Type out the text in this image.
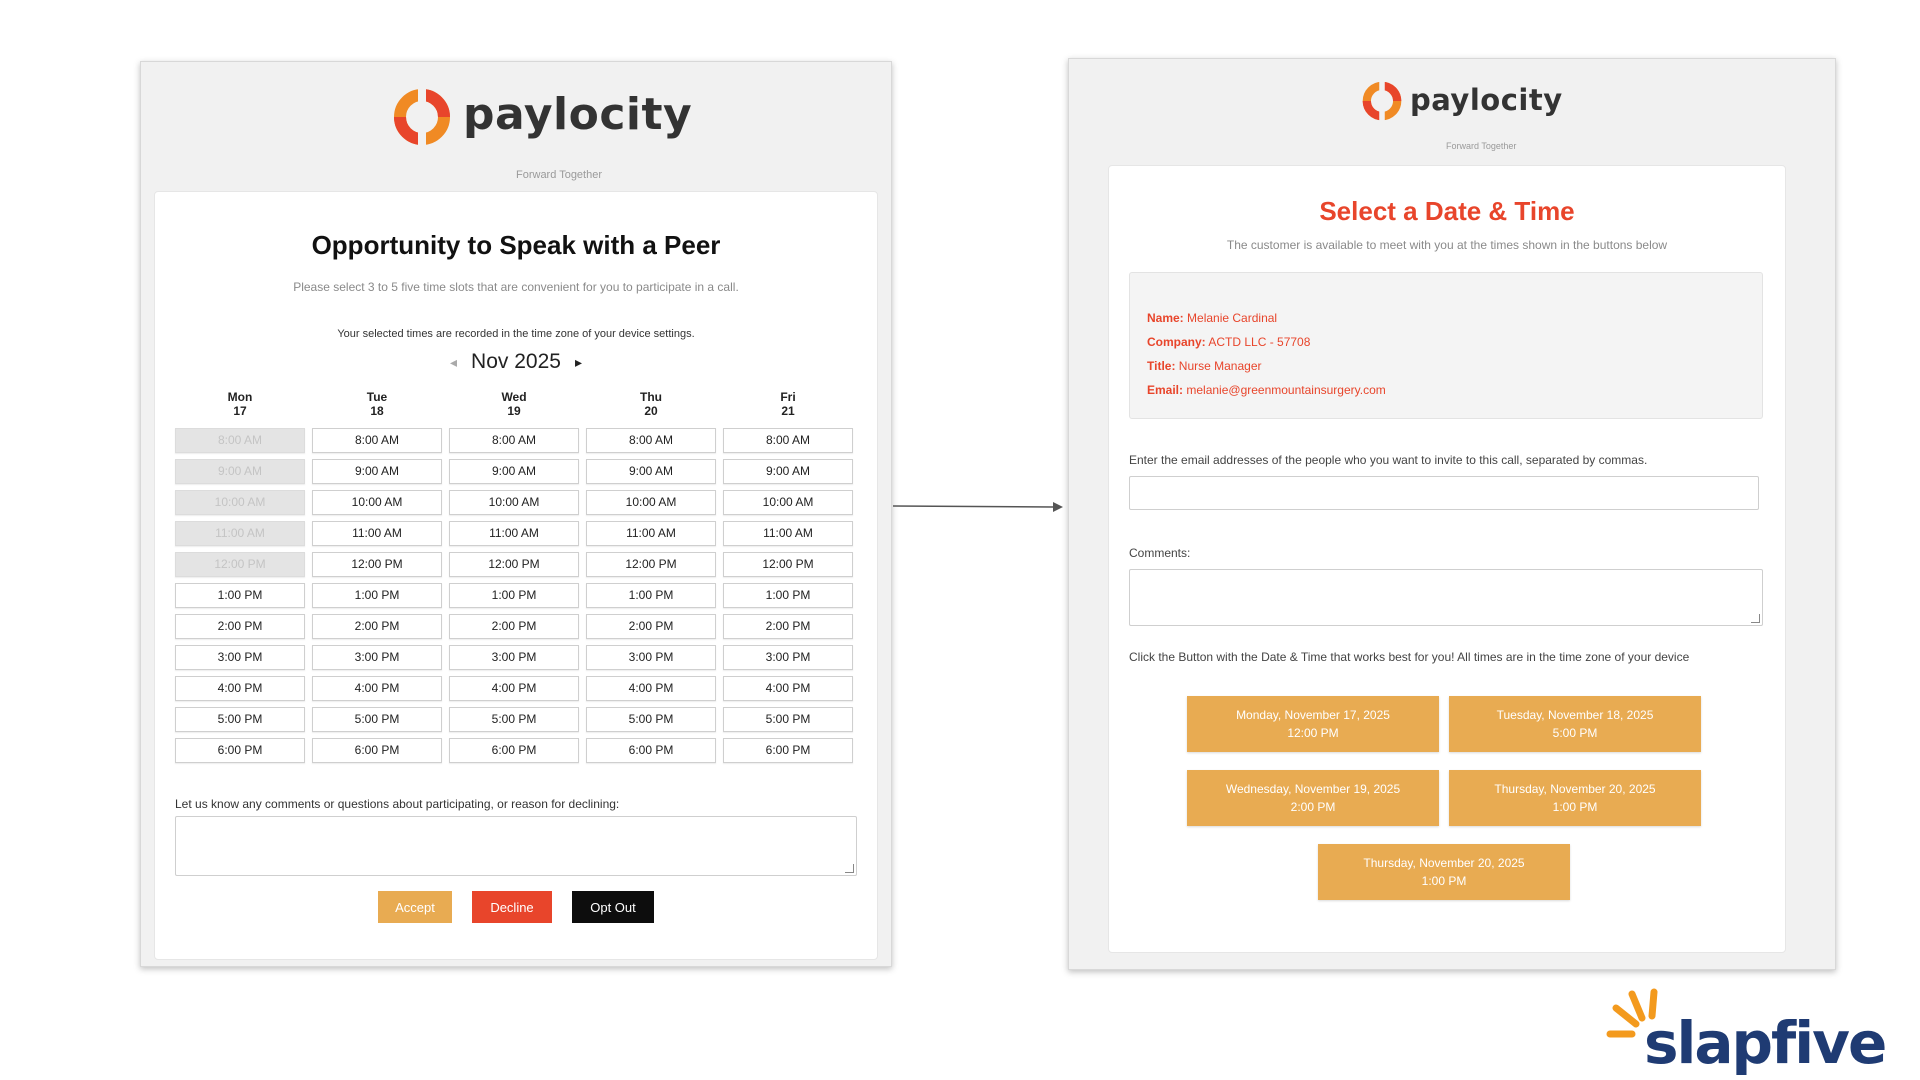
paylocity
Forward Together
Opportunity to Speak with a Peer
Please select 3 to 5 five time slots that are convenient for you to participate in a call.
Your selected times are recorded in the time zone of your device settings.
◂ Nov 2025 ▸
Mon
17
8:00 AM
9:00 AM
10:00 AM
11:00 AM
12:00 PM
1:00 PM
2:00 PM
3:00 PM
4:00 PM
5:00 PM
6:00 PM
Tue
18
8:00 AM
9:00 AM
10:00 AM
11:00 AM
12:00 PM
1:00 PM
2:00 PM
3:00 PM
4:00 PM
5:00 PM
6:00 PM
Wed
19
8:00 AM
9:00 AM
10:00 AM
11:00 AM
12:00 PM
1:00 PM
2:00 PM
3:00 PM
4:00 PM
5:00 PM
6:00 PM
Thu
20
8:00 AM
9:00 AM
10:00 AM
11:00 AM
12:00 PM
1:00 PM
2:00 PM
3:00 PM
4:00 PM
5:00 PM
6:00 PM
Fri
21
8:00 AM
9:00 AM
10:00 AM
11:00 AM
12:00 PM
1:00 PM
2:00 PM
3:00 PM
4:00 PM
5:00 PM
6:00 PM
Let us know any comments or questions about participating, or reason for declining:
Accept	Decline	Opt Out
paylocity
Forward Together
Select a Date & Time
The customer is available to meet with you at the times shown in the buttons below
Name: Melanie Cardinal
Company: ACTD LLC - 57708
Title: Nurse Manager
Email: melanie@greenmountainsurgery.com
Enter the email addresses of the people who you want to invite to this call, separated by commas.
Comments:
Click the Button with the Date & Time that works best for you! All times are in the time zone of your device
Monday, November 17, 2025
12:00 PM
Tuesday, November 18, 2025
5:00 PM
Wednesday, November 19, 2025
2:00 PM
Thursday, November 20, 2025
1:00 PM
Thursday, November 20, 2025
1:00 PM
slapfive
